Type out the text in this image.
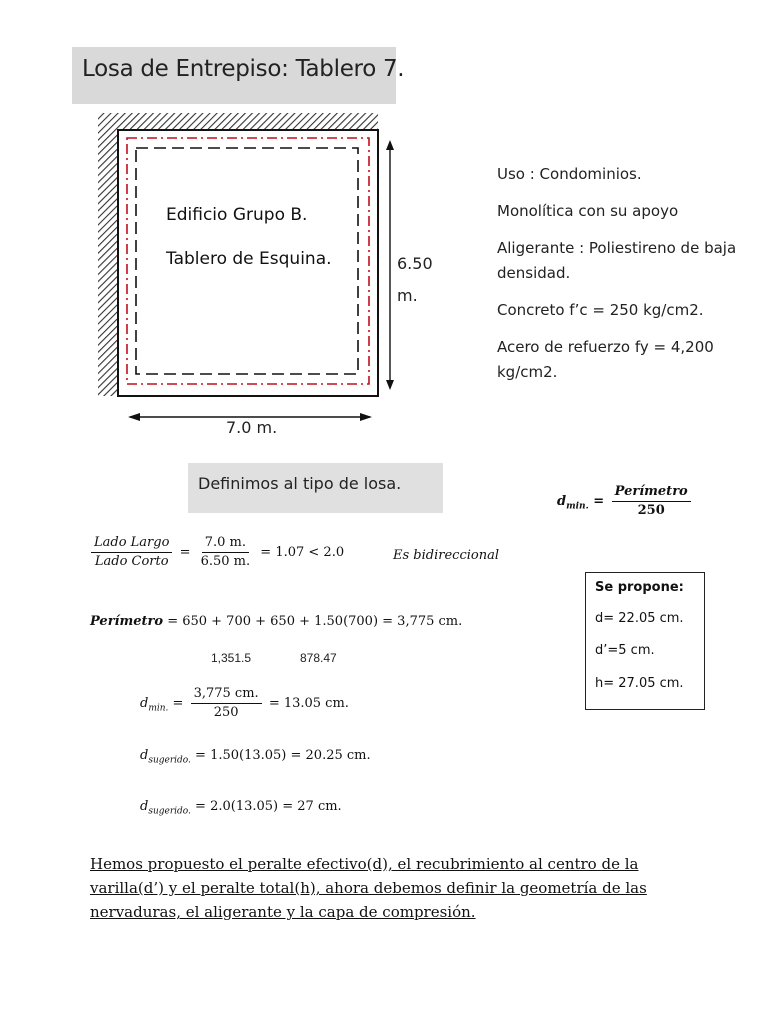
Losa de Entrepiso: Tablero 7.
Edificio Grupo B.
Tablero de Esquina.	6.50
m.
7.0 m.

Uso : Condominios.

Monolítica con su apoyo

Aligerante : Poliestireno de baja densidad.

Concreto f’c = 250 kg/cm2.

Acero de refuerzo fy = 4,200 kg/cm2.

Definimos al tipo de losa.
$d_{min.} = \frac{\text{Perímetro}}{250}$
$\frac{\text{Lado Largo}}{\text{Lado Corto}} = \frac{7.0 m.}{6.50 m.} = 1.07 < 2.0$	Es bidireccional
Perímetro = 650 + 700 + 650 + 1.50(700) = 3,775 cm.
1,351.5	878.47
$d_{min.} = \frac{3,775 cm.}{250} = 13.05$ cm.
$d_{sugerido.} = 1.50(13.05) = 20.25$ cm.
$d_{sugerido.} = 2.0(13.05) = 27$ cm.
Se propone:
d= 22.05 cm.
d’=5 cm.
h= 27.05 cm.
Hemos propuesto el peralte efectivo(d), el recubrimiento al centro de la varilla(d’) y el peralte total(h), ahora debemos definir la geometría de las nervaduras, el aligerante y la capa de compresión.
